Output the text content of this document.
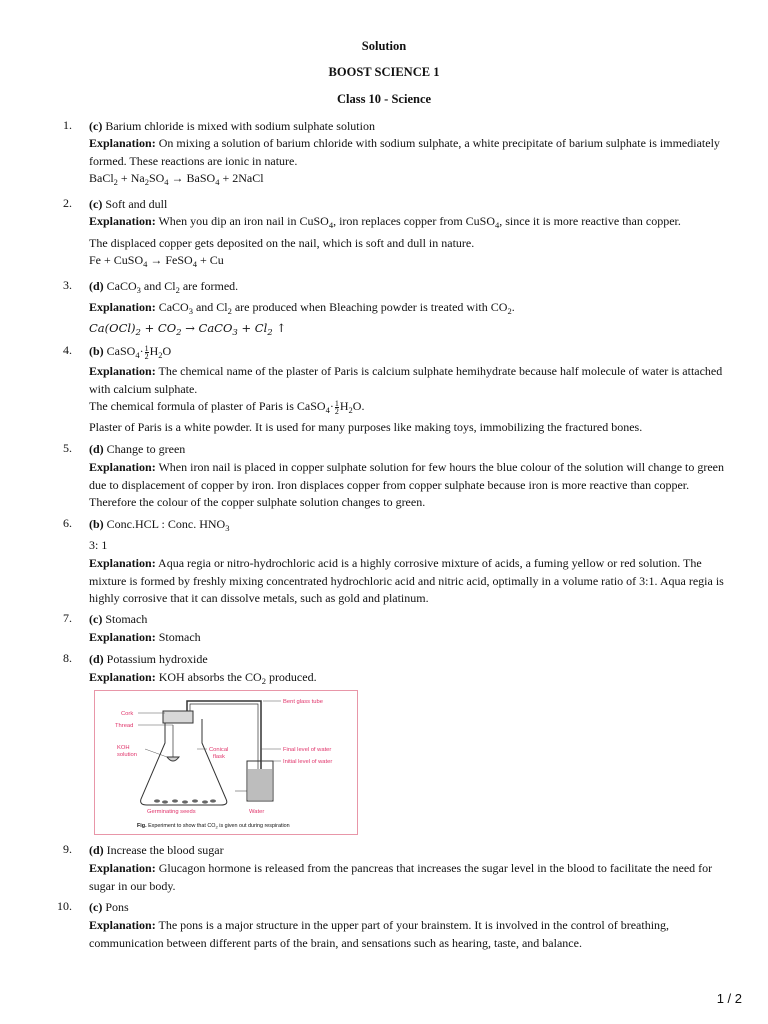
Solution
BOOST SCIENCE 1
Class 10 - Science
1. (c) Barium chloride is mixed with sodium sulphate solution
Explanation: On mixing a solution of barium chloride with sodium sulphate, a white precipitate of barium sulphate is immediately formed. These reactions are ionic in nature.
BaCl$_2$ + $Na_2SO_4$ → BaSO$_4$ + 2NaCl
2. (c) Soft and dull
Explanation: When you dip an iron nail in CuSO$_4$, iron replaces copper from CuSO$_4$, since it is more reactive than copper.
The displaced copper gets deposited on the nail, which is soft and dull in nature.
Fe + CuSO$_4$ → FeSO$_4$ + Cu
3. (d) CaCO$_3$ and $Cl_2$ are formed.
Explanation: CaCO$_3$ and $Cl_2$ are produced when Bleaching powder is treated with $CO_2$.
$Ca(OCl)_2 + CO_2$ → CaCO$_3$ + $Cl_2$ ↑
4. (b) CaSO$_4$· $\frac{1}{2} H_2O$
Explanation: The chemical name of the plaster of Paris is calcium sulphate hemihydrate because half molecule of water is attached with calcium sulphate.
The chemical formula of plaster of Paris is CaSO$_4$· $\frac{1}{2} H_2O$.
Plaster of Paris is a white powder. It is used for many purposes like making toys, immobilizing the fractured bones.
5. (d) Change to green
Explanation: When iron nail is placed in copper sulphate solution for few hours the blue colour of the solution will change to green due to displacement of copper by iron. Iron displaces copper from copper sulphate because iron is more reactive than copper. Therefore the colour of the copper sulphate solution changes to green.
6. (b) Conc.HCL : Conc. $HNO_3$
3: 1
Explanation: Aqua regia or nitro-hydrochloric acid is a highly corrosive mixture of acids, a fuming yellow or red solution. The mixture is formed by freshly mixing concentrated hydrochloric acid and nitric acid, optimally in a volume ratio of 3:1. Aqua regia is highly corrosive that it can dissolve metals, such as gold and platinum.
7. (c) Stomach
Explanation: Stomach
8. (d) Potassium hydroxide
Explanation: KOH absorbs the $CO_2$ produced.
Cork
Thread
KOH
solution
Conical
flask
Bent glass tube
Final level of water
Initial level of water
Germinating seeds	Water
Fig. Experiment to show that $CO_2$ is given out during respiration
9. (d) Increase the blood sugar
Explanation: Glucagon hormone is released from the pancreas that increases the sugar level in the blood to facilitate the need for sugar in our body.
10. (c) Pons
Explanation: The pons is a major structure in the upper part of your brainstem. It is involved in the control of breathing, communication between different parts of the brain, and sensations such as hearing, taste, and balance.
1 / 2
